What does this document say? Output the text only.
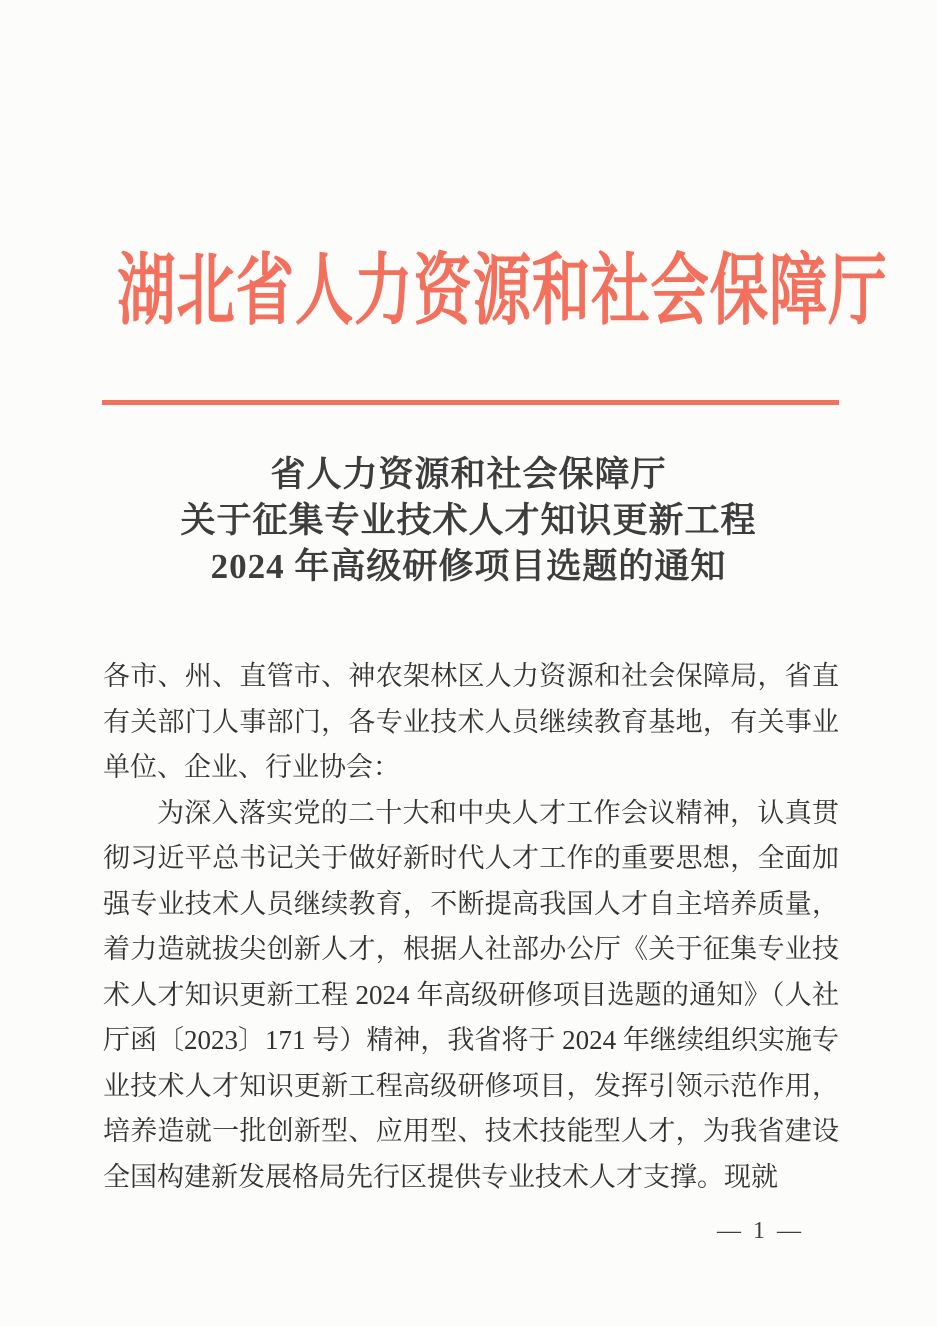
湖北省人力资源和社会保障厅
省人力资源和社会保障厅
关于征集专业技术人才知识更新工程
2024 年高级研修项目选题的通知

各市、州、直管市、神农架林区人力资源和社会保障局，省直有关部门人事部门，各专业技术人员继续教育基地，有关事业单位、企业、行业协会：

为深入落实党的二十大和中央人才工作会议精神，认真贯彻习近平总书记关于做好新时代人才工作的重要思想，全面加强专业技术人员继续教育，不断提高我国人才自主培养质量，着力造就拔尖创新人才，根据人社部办公厅《关于征集专业技术人才知识更新工程 2024 年高级研修项目选题的通知》（人社厅函〔2023〕171 号）精神，我省将于 2024 年继续组织实施专业技术人才知识更新工程高级研修项目，发挥引领示范作用，培养造就一批创新型、应用型、技术技能型人才，为我省建设全国构建新发展格局先行区提供专业技术人才支撑。现就

— 1 —
